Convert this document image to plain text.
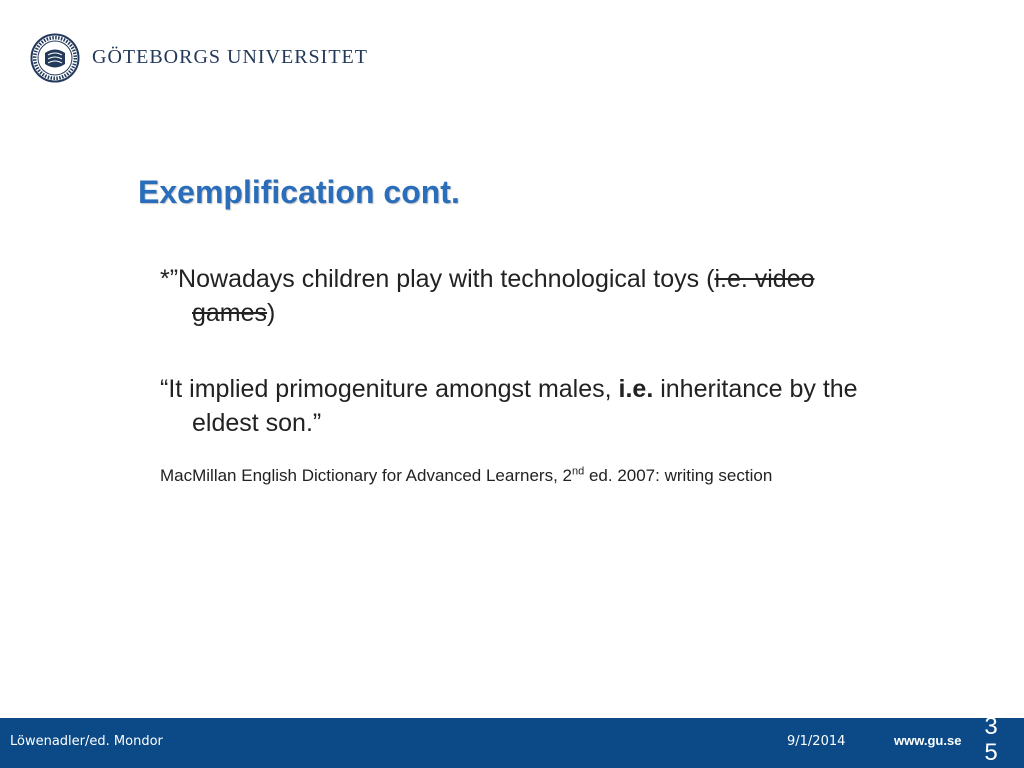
GÖTEBORGS UNIVERSITET
Exemplification cont.

*”Nowadays children play with technological toys (i.e. video games)

“It implied primogeniture amongst males, i.e. inheritance by the eldest son.”

MacMillan English Dictionary for Advanced Learners, 2nd ed. 2007: writing section

Löwenadler/ed. Mondor	9/1/2014	www.gu.se
35
